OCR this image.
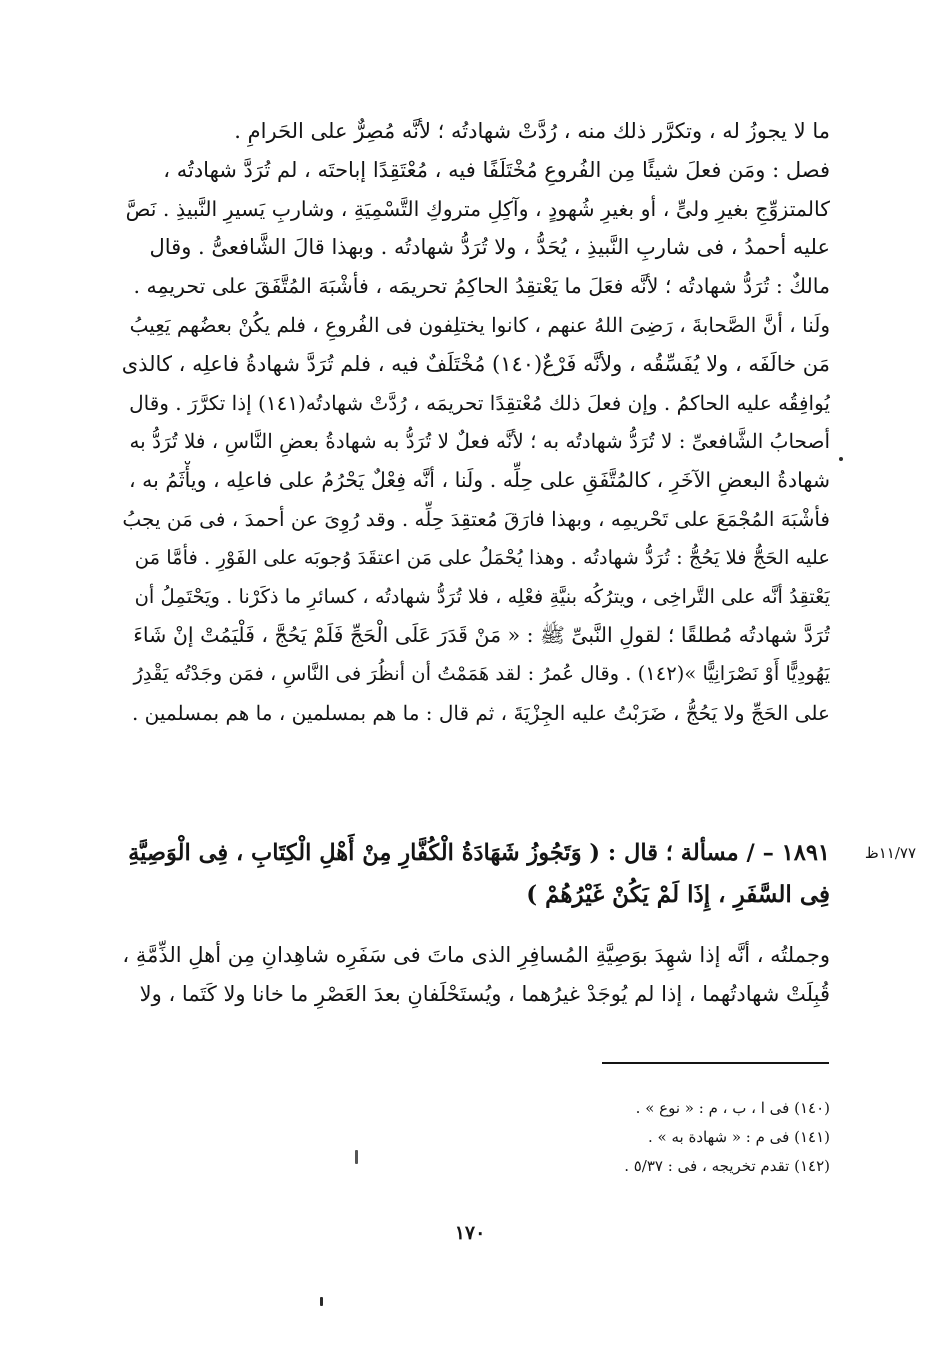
ما لا يجوزُ له ، وتكرَّر ذلك منه ، رُدَّتْ شهادتُه ؛ لأنَّه مُصِرٌّ على الحَرامِ .
فصل : ومَن فعلَ شيئًا مِن الفُروعِ مُخْتَلَفًا فيه ، مُعْتَقِدًا إباحتَه ، لم تُرَدَّ شهادتُه ،
كالمتزوِّجِ بغيرِ ولىٍّ ، أو بغيرِ شُهودٍ ، وآكِلِ متروكِ التَّسْمِيَةِ ، وشاربِ يَسيرِ النَّبيذِ . نَصَّ
عليه أحمدُ ، فى شاربِ النَّبيذِ ، يُحَدُّ ، ولا تُرَدُّ شهادتُه . وبهذا قالَ الشَّافعىُّ . وقال
مالكٌ : تُرَدُّ شهادتُه ؛ لأنَّه فعَلَ ما يَعْتقِدُ الحاكِمُ تحريمَه ، فأشْبَهَ المُتَّفَقَ على تحريمِه .
ولَنا ، أنَّ الصَّحابةَ ، رَضِىَ اللهُ عنهم ، كانوا يختلِفون فى الفُروعِ ، فلم يكُنْ بعضُهم يَعِيبُ
مَن خالَفَه ، ولا يُفَسِّقُه ، ولأنَّه فَرْعٌ(١٤٠) مُخْتَلَفٌ فيه ، فلم تُرَدَّ شهادةُ فاعلِه ، كالذى
يُوافِقُه عليه الحاكمُ . وإن فعلَ ذلك مُعْتقِدًا تحريمَه ، رُدَّتْ شهادتُه(١٤١) إذا تكرَّرَ . وقال
أصحابُ الشَّافعىِّ : لا تُرَدُّ شهادتُه به ؛ لأنَّه فعلٌ لا تُرَدُّ به شهادةُ بعضِ النَّاسِ ، فلا تُرَدُّ به
شهادةُ البعضِ الآخَرِ ، كالمُتَّفَقِ على حِلِّه . ولَنا ، أنَّه فِعْلٌ يَحْرُمُ على فاعلِه ، ويأْثَمُ به ،
فأشْبَهَ المُجْمَعَ على تَحْريمِه ، وبهذا فارَقَ مُعتقِدَ حِلِّه . وقد رُوِىَ عن أحمدَ ، فى مَن يجبُ
عليه الحَجُّ فلا يَحُجُّ : تُرَدُّ شهادتُه . وهذا يُحْمَلُ على مَن اعتقَدَ وُجوبَه على الفَوْرِ . فأمَّا مَن
يَعْتقِدُ أنَّه على التَّراخِى ، ويترُكُه بنيَّةِ فعْلِه ، فلا تُرَدُّ شهادتُه ، كسائرِ ما ذكَرْنا . ويَحْتَمِلُ أن
تُرَدَّ شهادتُه مُطلقًا ؛ لقولِ النَّبىِّ ﷺ : « مَنْ قَدَرَ عَلَى الْحَجِّ فَلَمْ يَحُجَّ ، فَلْيَمُتْ إنْ شَاءَ
يَهُودِيًّا أَوْ نَصْرَانِيًّا »(١٤٢) . وقال عُمرُ : لقد هَمَمْتُ أن أنظُرَ فى النَّاسِ ، فمَن وجَدْتُه يَقْدِرُ
على الحَجِّ ولا يَحُجُّ ، ضَرَبْتُ عليه الجِزْيَةَ ، ثم قال : ما هم بمسلمين ، ما هم بمسلمين .
١١/٧٧ظ
١٨٩١ – / مسألة ؛ قال : ( وَتَجُوزُ شَهَادَةُ الْكُفَّارِ مِنْ أَهْلِ الْكِتَابِ ، فِى الْوَصِيَّةِ
فِى السَّفَرِ ، إِذَا لَمْ يَكُنْ غَيْرُهُمْ )
وجملتُه ، أنَّه إذا شهِدَ بوَصِيَّةِ المُسافِرِ الذى ماتَ فى سَفَرِه شاهِدانِ مِن أهلِ الذِّمَّةِ ،
قُبِلَتْ شهادتُهما ، إذا لم يُوجَدْ غيرُهما ، ويُستَحْلَفانِ بعدَ العَصْرِ ما خانا ولا كَتَما ، ولا
(١٤٠) فى ا ، ب ، م : « نوع » .
(١٤١) فى م : « شهادة به » .
(١٤٢) تقدم تخريجه ، فى : ٥/٣٧ .
١٧٠
